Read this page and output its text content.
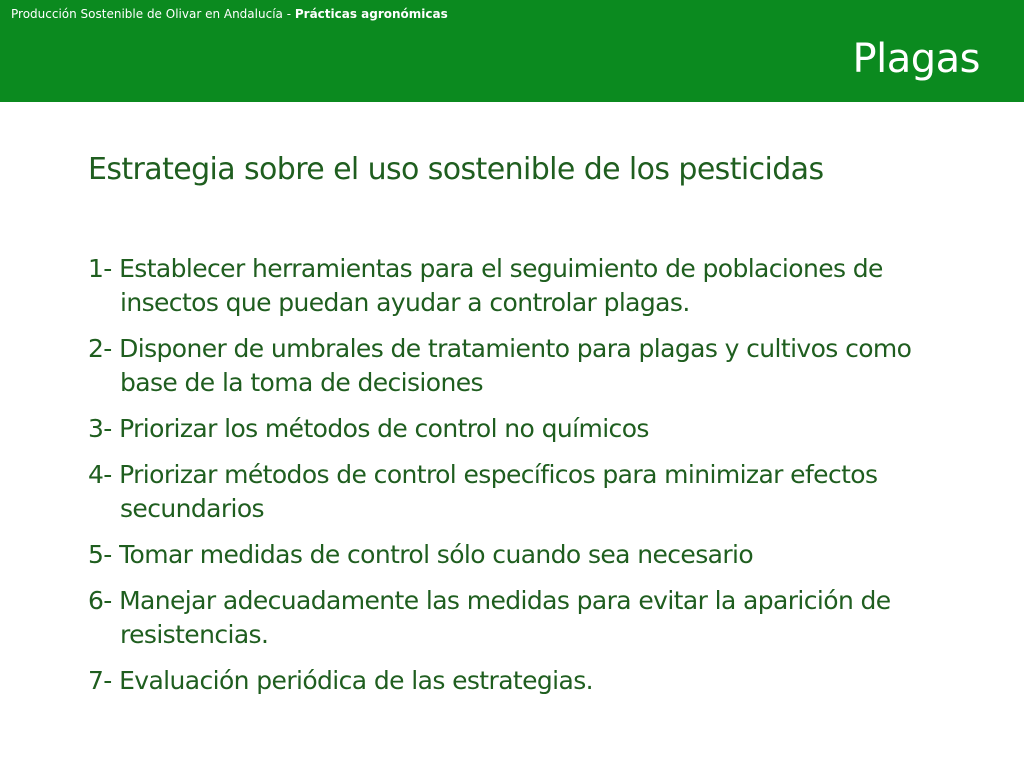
Producción Sostenible de Olivar en Andalucía - Prácticas agronómicas
Plagas
Estrategia sobre el uso sostenible de los pesticidas
1- Establecer herramientas para el seguimiento de poblaciones de insectos que puedan ayudar a controlar plagas.
2- Disponer de umbrales de tratamiento para plagas y cultivos como base de la toma de decisiones
3- Priorizar los métodos de control no químicos
4- Priorizar métodos de control específicos para minimizar efectos secundarios
5- Tomar medidas de control sólo cuando sea necesario
6- Manejar adecuadamente las medidas para evitar la aparición de resistencias.
7- Evaluación periódica de las estrategias.
